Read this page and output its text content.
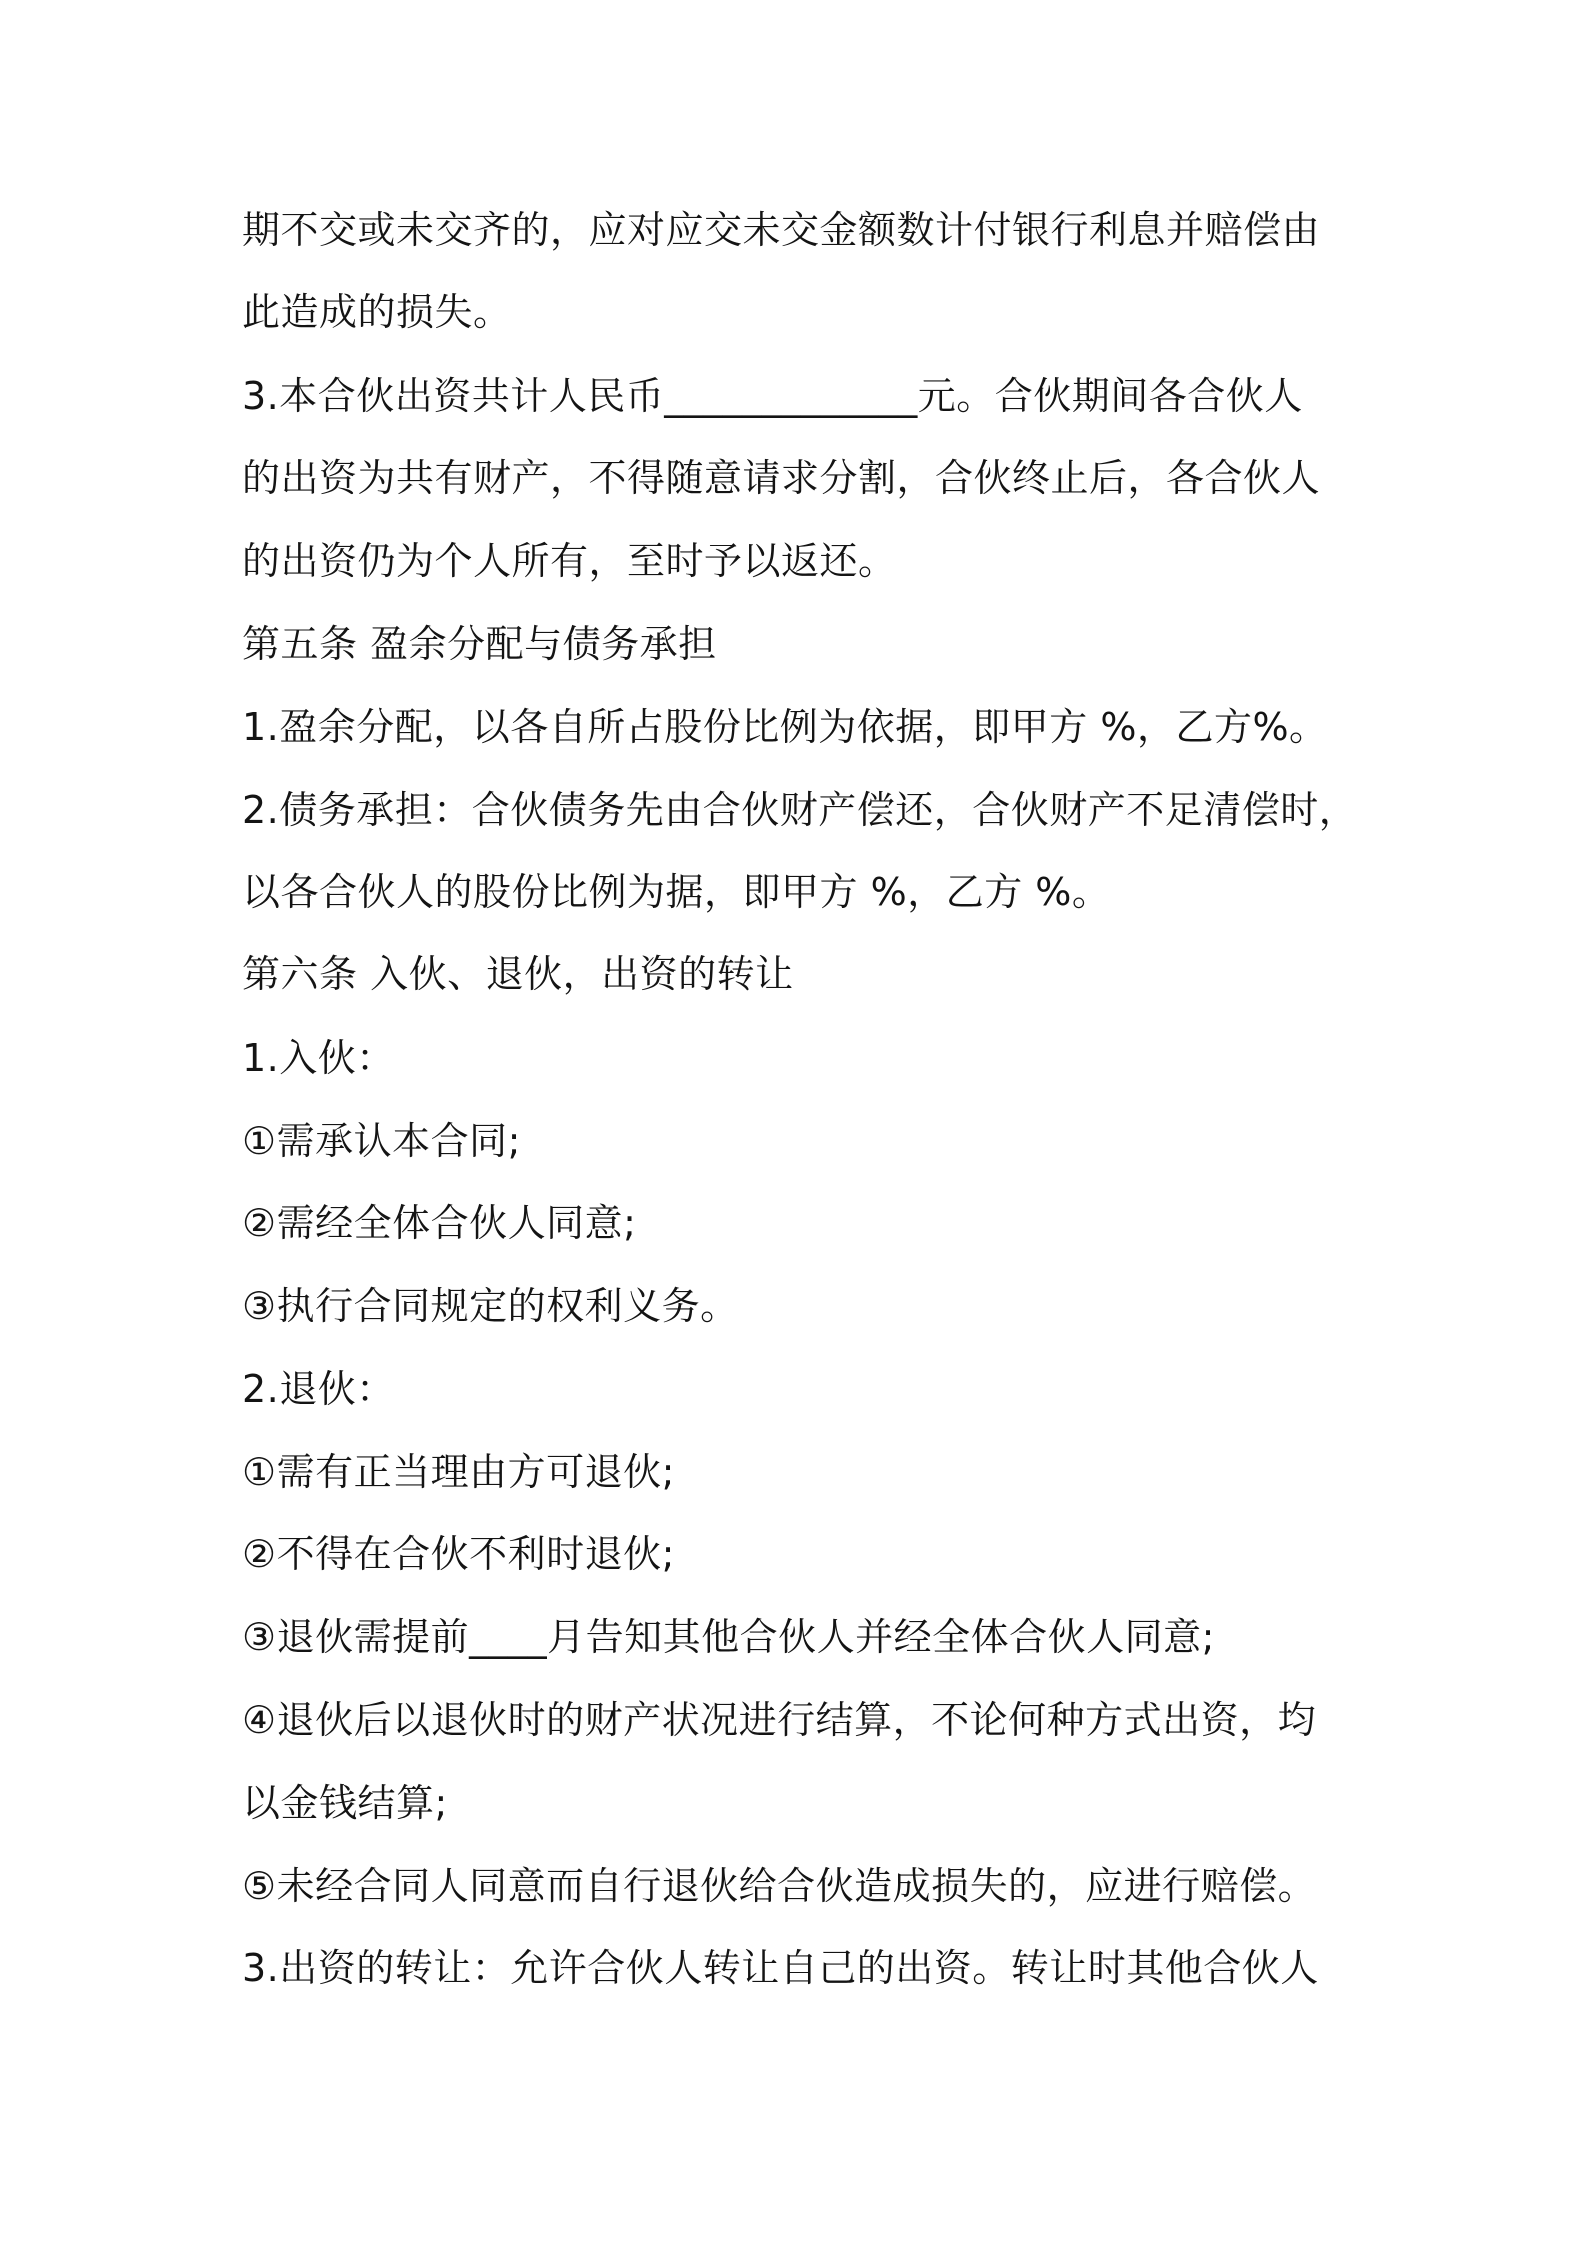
期不交或未交齐的，应对应交未交金额数计付银行利息并赔偿由
此造成的损失。
3.本合伙出资共计人民币_____________元。合伙期间各合伙人
的出资为共有财产，不得随意请求分割，合伙终止后，各合伙人
的出资仍为个人所有，至时予以返还。
第五条 盈余分配与债务承担
1.盈余分配，以各自所占股份比例为依据，即甲方 %，乙方%。
2.债务承担：合伙债务先由合伙财产偿还，合伙财产不足清偿时，
以各合伙人的股份比例为据，即甲方 %，乙方 %。
第六条 入伙、退伙，出资的转让
1.入伙：
①需承认本合同;
②需经全体合伙人同意;
③执行合同规定的权利义务。
2.退伙：
①需有正当理由方可退伙;
②不得在合伙不利时退伙;
③退伙需提前____月告知其他合伙人并经全体合伙人同意;
④退伙后以退伙时的财产状况进行结算，不论何种方式出资，均
以金钱结算;
⑤未经合同人同意而自行退伙给合伙造成损失的，应进行赔偿。
3.出资的转让：允许合伙人转让自己的出资。转让时其他合伙人
